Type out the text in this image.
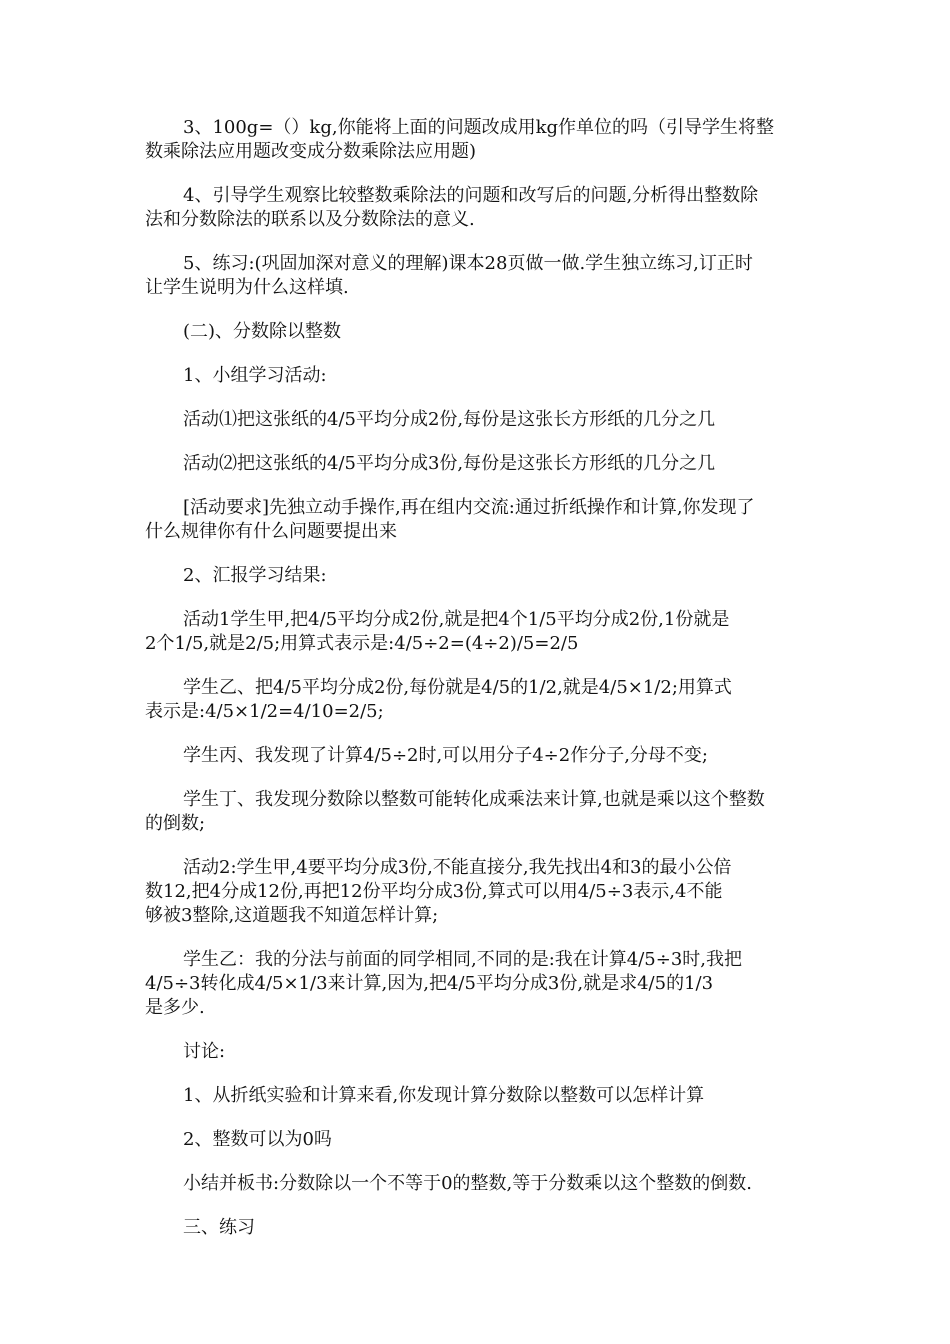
3、100g=（）kg,你能将上面的问题改成用kg作单位的吗（引导学生将整
数乘除法应用题改变成分数乘除法应用题)

4、引导学生观察比较整数乘除法的问题和改写后的问题,分析得出整数除
法和分数除法的联系以及分数除法的意义.

5、练习:(巩固加深对意义的理解)课本28页做一做.学生独立练习,订正时
让学生说明为什么这样填.

(二)、分数除以整数

1、小组学习活动:

活动⑴把这张纸的4/5平均分成2份,每份是这张长方形纸的几分之几

活动⑵把这张纸的4/5平均分成3份,每份是这张长方形纸的几分之几

[活动要求]先独立动手操作,再在组内交流:通过折纸操作和计算,你发现了
什么规律你有什么问题要提出来

2、汇报学习结果:

活动1学生甲,把4/5平均分成2份,就是把4个1/5平均分成2份,1份就是
2个1/5,就是2/5;用算式表示是:4/5÷2=(4÷2)/5=2/5

学生乙、把4/5平均分成2份,每份就是4/5的1/2,就是4/5×1/2;用算式
表示是:4/5×1/2=4/10=2/5;

学生丙、我发现了计算4/5÷2时,可以用分子4÷2作分子,分母不变;

学生丁、我发现分数除以整数可能转化成乘法来计算,也就是乘以这个整数
的倒数;

活动2:学生甲,4要平均分成3份,不能直接分,我先找出4和3的最小公倍
数12,把4分成12份,再把12份平均分成3份,算式可以用4/5÷3表示,4不能
够被3整除,这道题我不知道怎样计算;

学生乙：我的分法与前面的同学相同,不同的是:我在计算4/5÷3时,我把
4/5÷3转化成4/5×1/3来计算,因为,把4/5平均分成3份,就是求4/5的1/3
是多少.

讨论:

1、从折纸实验和计算来看,你发现计算分数除以整数可以怎样计算

2、整数可以为0吗

小结并板书:分数除以一个不等于0的整数,等于分数乘以这个整数的倒数.

三、练习
